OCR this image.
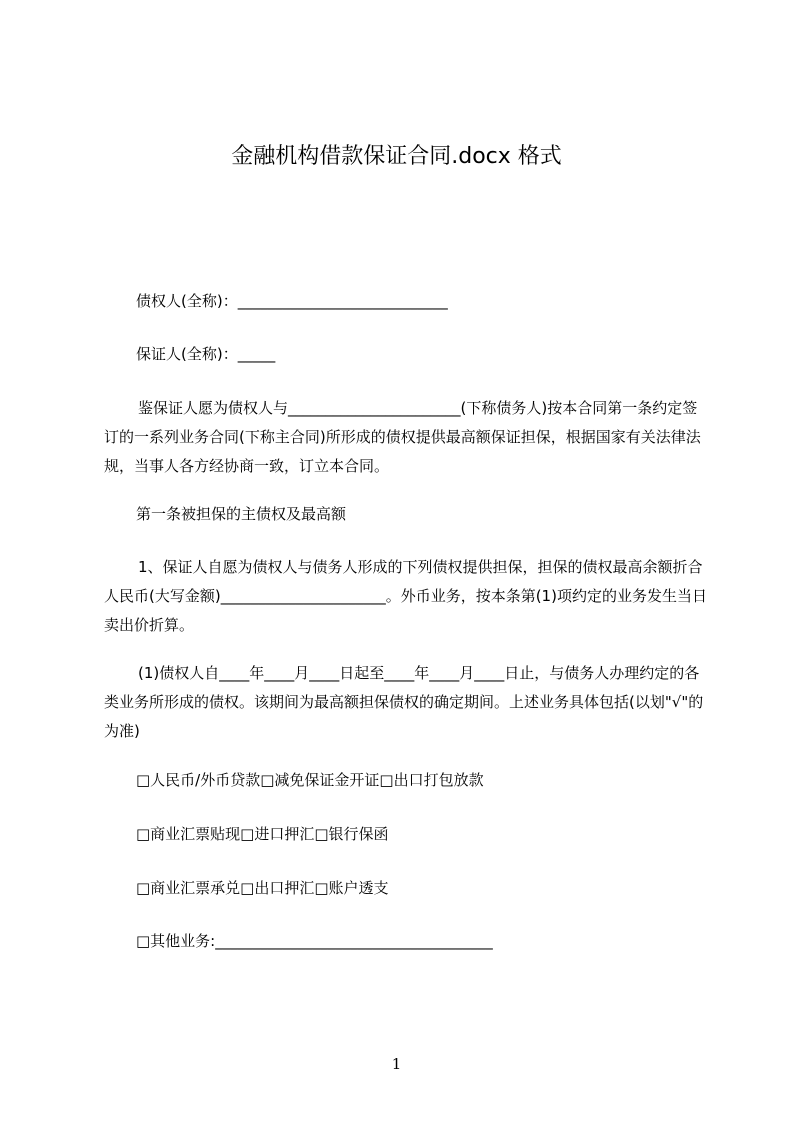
金融机构借款保证合同.docx 格式
债权人(全称)：____________________________
保证人(全称)：_____

鉴保证人愿为债权人与_______________________(下称债务人)按本合同第一条约定签订的一系列业务合同(下称主合同)所形成的债权提供最高额保证担保，根据国家有关法律法规，当事人各方经协商一致，订立本合同。

第一条被担保的主债权及最高额

1、保证人自愿为债权人与债务人形成的下列债权提供担保，担保的债权最高余额折合人民币(大写金额)______________________。外币业务，按本条第(1)项约定的业务发生当日卖出价折算。

(1)债权人自____年____月____日起至____年____月____日止，与债务人办理约定的各类业务所形成的债权。该期间为最高额担保债权的确定期间。上述业务具体包括(以划"√"的为准)

□人民币/外币贷款□减免保证金开证□出口打包放款
□商业汇票贴现□进口押汇□银行保函
□商业汇票承兑□出口押汇□账户透支
□其他业务:_____________________________________
1
